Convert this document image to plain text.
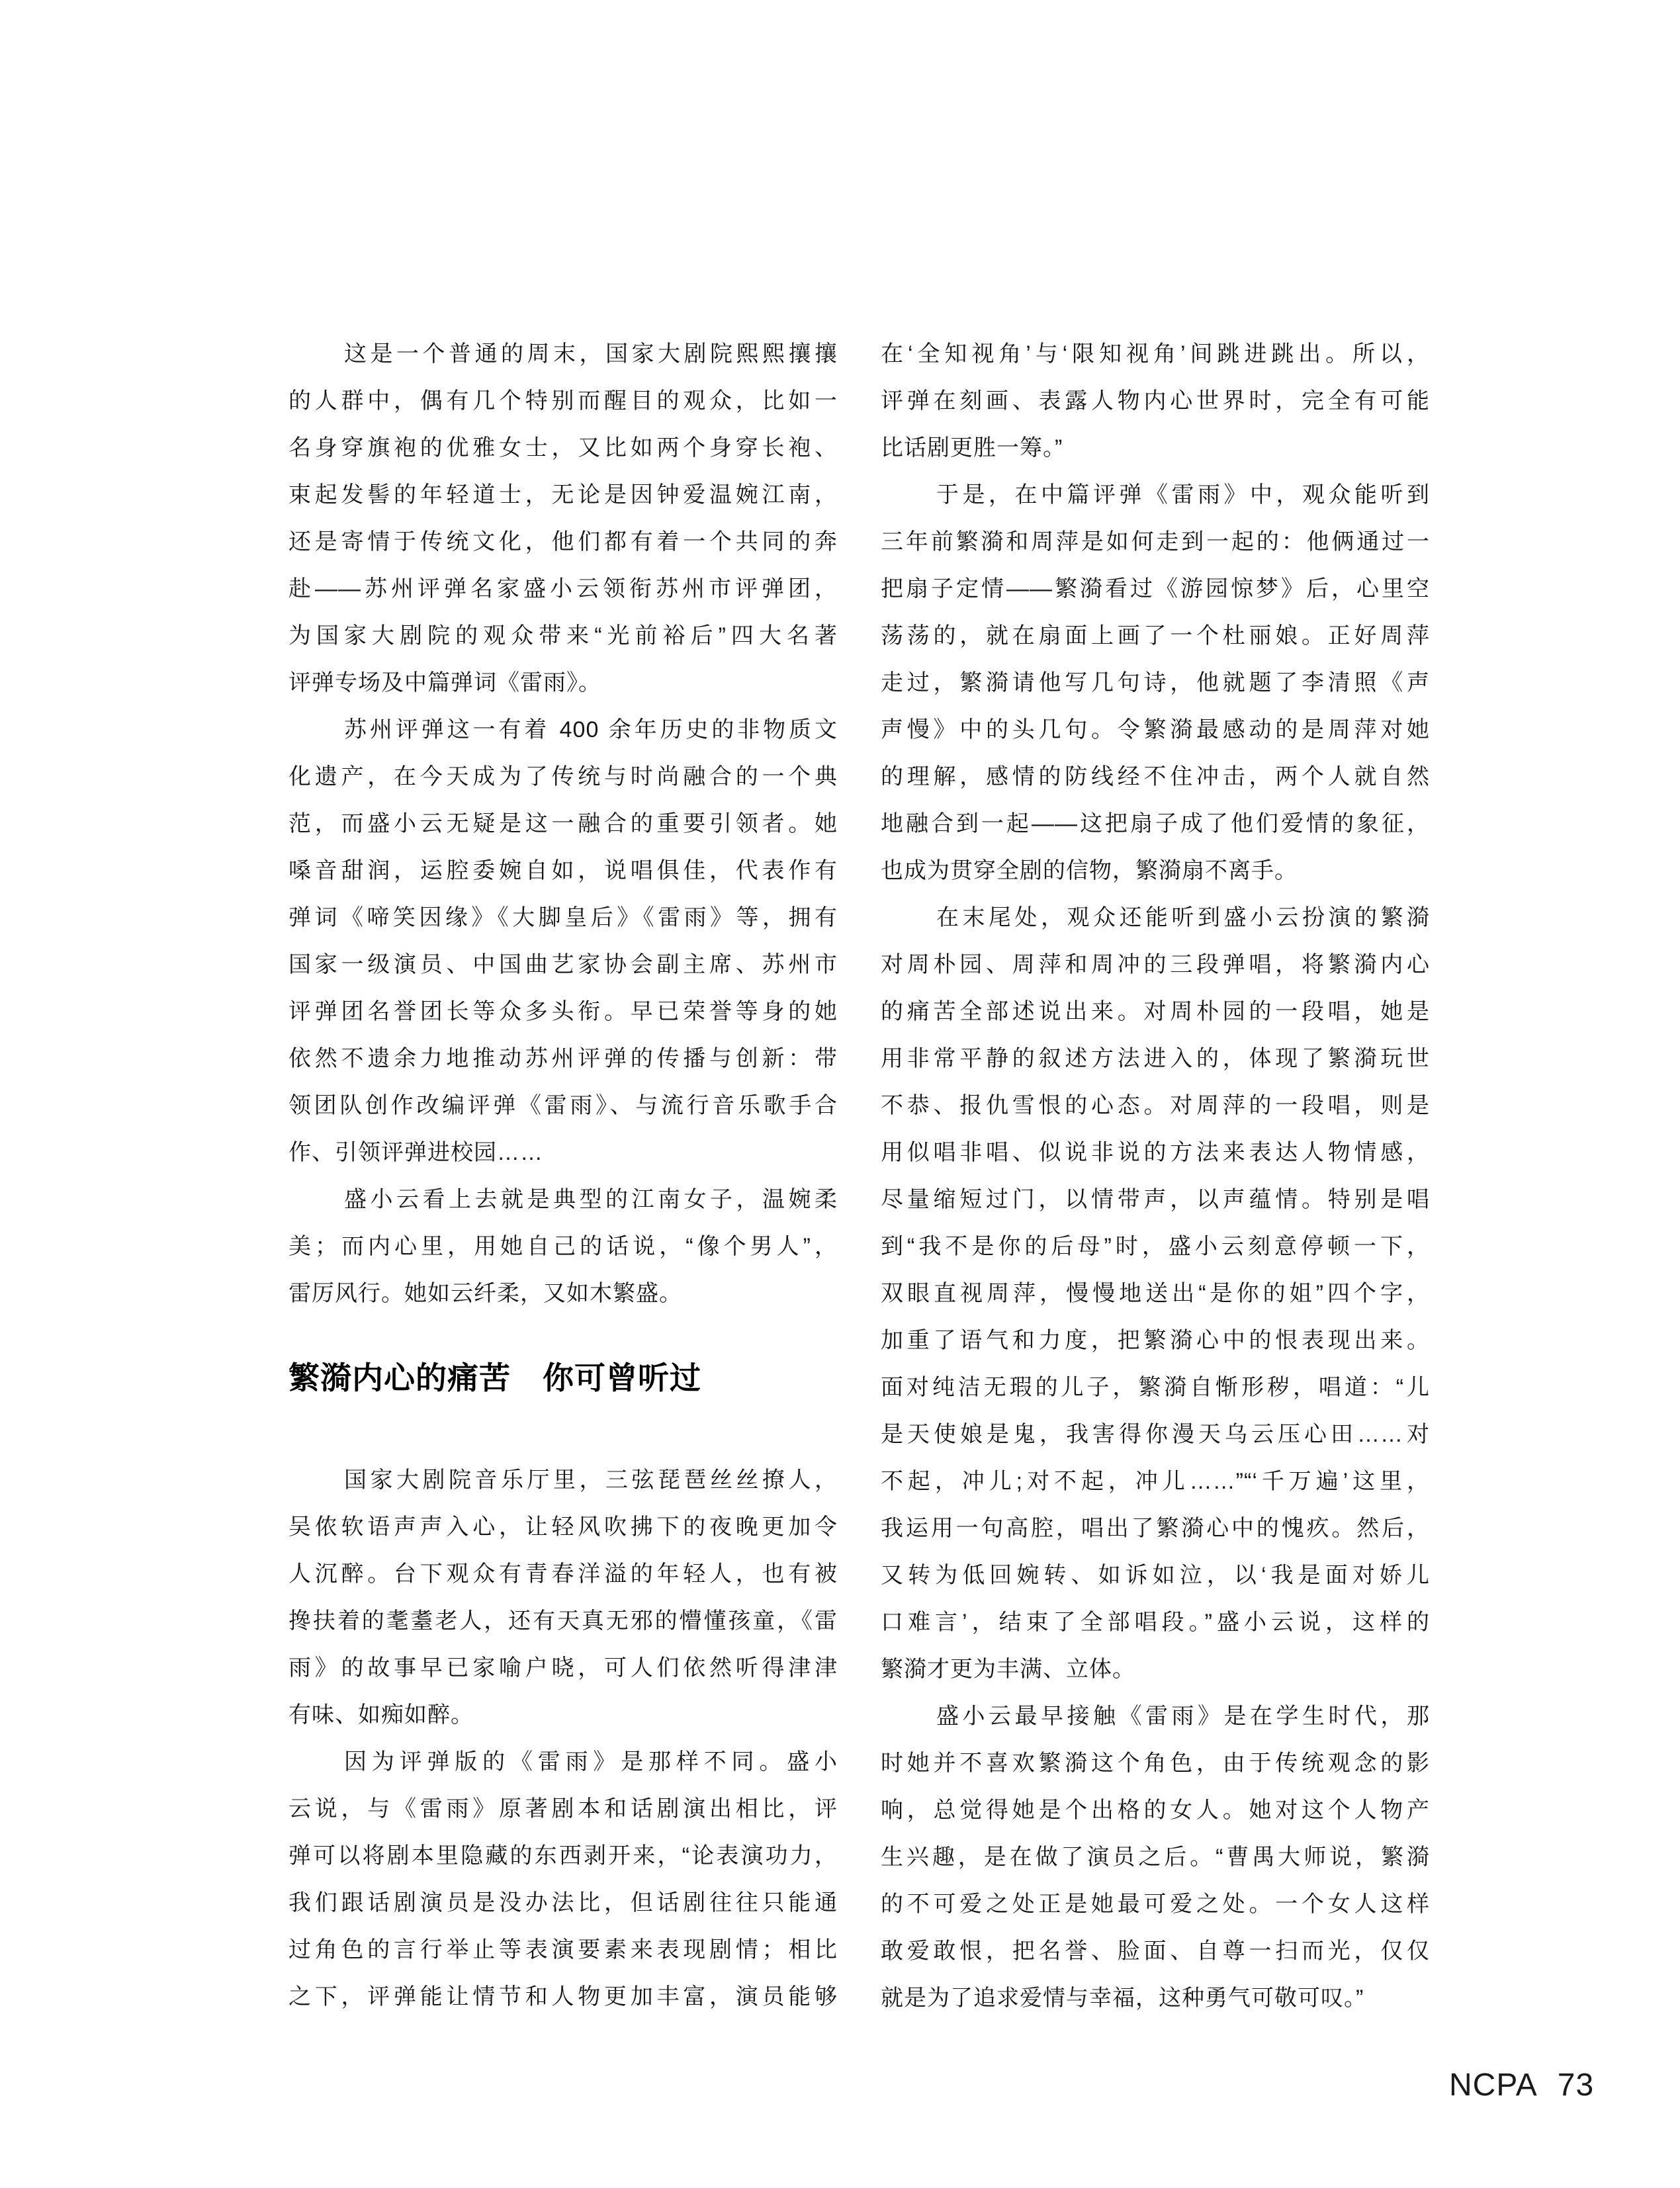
这是一个普通的周末，国家大剧院熙熙攘攘
的人群中，偶有几个特别而醒目的观众，比如一
名身穿旗袍的优雅女士，又比如两个身穿长袍、
束起发髻的年轻道士，无论是因钟爱温婉江南，
还是寄情于传统文化，他们都有着一个共同的奔
赴——苏州评弹名家盛小云领衔苏州市评弹团，
为国家大剧院的观众带来“光前裕后”四大名著
评弹专场及中篇弹词《雷雨》。
苏州评弹这一有着 400 余年历史的非物质文
化遗产，在今天成为了传统与时尚融合的一个典
范，而盛小云无疑是这一融合的重要引领者。她
嗓音甜润，运腔委婉自如，说唱俱佳，代表作有
弹词《啼笑因缘》《大脚皇后》《雷雨》等，拥有
国家一级演员、中国曲艺家协会副主席、苏州市
评弹团名誉团长等众多头衔。早已荣誉等身的她
依然不遗余力地推动苏州评弹的传播与创新：带
领团队创作改编评弹《雷雨》、与流行音乐歌手合
作、引领评弹进校园……
盛小云看上去就是典型的江南女子，温婉柔
美；而内心里，用她自己的话说，“像个男人”，
雷厉风行。她如云纤柔，又如木繁盛。
繁漪内心的痛苦　你可曾听过
国家大剧院音乐厅里，三弦琵琶丝丝撩人，
吴侬软语声声入心，让轻风吹拂下的夜晚更加令
人沉醉。台下观众有青春洋溢的年轻人，也有被
搀扶着的耄耋老人，还有天真无邪的懵懂孩童，《雷
雨》的故事早已家喻户晓，可人们依然听得津津
有味、如痴如醉。
因为评弹版的《雷雨》是那样不同。盛小
云说，与《雷雨》原著剧本和话剧演出相比，评
弹可以将剧本里隐藏的东西剥开来，“论表演功力，
我们跟话剧演员是没办法比，但话剧往往只能通
过角色的言行举止等表演要素来表现剧情；相比
之下，评弹能让情节和人物更加丰富，演员能够
在‘全知视角’与‘限知视角’间跳进跳出。所以，
评弹在刻画、表露人物内心世界时，完全有可能
比话剧更胜一筹。”
于是，在中篇评弹《雷雨》中，观众能听到
三年前繁漪和周萍是如何走到一起的：他俩通过一
把扇子定情——繁漪看过《游园惊梦》后，心里空
荡荡的，就在扇面上画了一个杜丽娘。正好周萍
走过，繁漪请他写几句诗，他就题了李清照《声
声慢》中的头几句。令繁漪最感动的是周萍对她
的理解，感情的防线经不住冲击，两个人就自然
地融合到一起——这把扇子成了他们爱情的象征，
也成为贯穿全剧的信物，繁漪扇不离手。
在末尾处，观众还能听到盛小云扮演的繁漪
对周朴园、周萍和周冲的三段弹唱，将繁漪内心
的痛苦全部述说出来。对周朴园的一段唱，她是
用非常平静的叙述方法进入的，体现了繁漪玩世
不恭、报仇雪恨的心态。对周萍的一段唱，则是
用似唱非唱、似说非说的方法来表达人物情感，
尽量缩短过门，以情带声，以声蕴情。特别是唱
到“我不是你的后母”时，盛小云刻意停顿一下，
双眼直视周萍，慢慢地送出“是你的姐”四个字，
加重了语气和力度，把繁漪心中的恨表现出来。
面对纯洁无瑕的儿子，繁漪自惭形秽，唱道：“儿
是天使娘是鬼，我害得你漫天乌云压心田……对
不起，冲儿;对不起，冲儿……”“‘千万遍’这里，
我运用一句高腔，唱出了繁漪心中的愧疚。然后，
又转为低回婉转、如诉如泣，以‘我是面对娇儿
口难言’，结束了全部唱段。”盛小云说，这样的
繁漪才更为丰满、立体。
盛小云最早接触《雷雨》是在学生时代，那
时她并不喜欢繁漪这个角色，由于传统观念的影
响，总觉得她是个出格的女人。她对这个人物产
生兴趣，是在做了演员之后。“曹禺大师说，繁漪
的不可爱之处正是她最可爱之处。一个女人这样
敢爱敢恨，把名誉、脸面、自尊一扫而光，仅仅
就是为了追求爱情与幸福，这种勇气可敬可叹。”
NCPA 73
